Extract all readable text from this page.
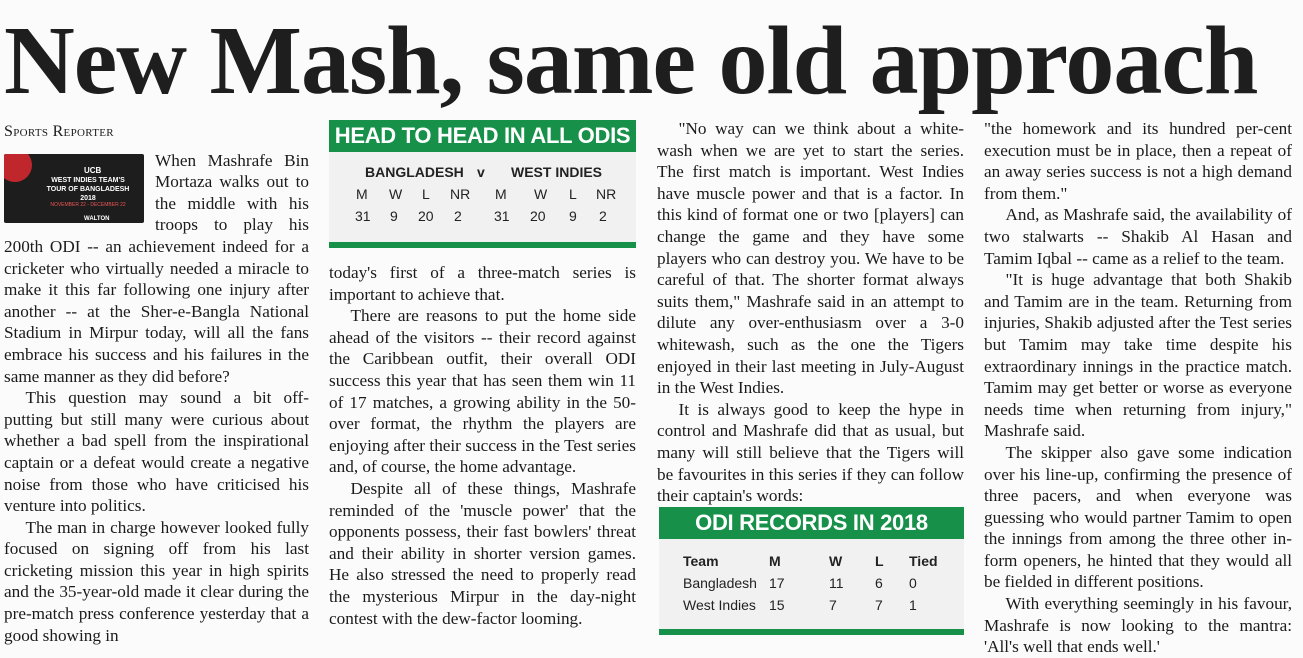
New Mash, same old approach
Sports Reporter
UCB
WEST INDIES TEAM'S
TOUR OF BANGLADESH 2018
NOVEMBER 22 - DECEMBER 22
WALTON

When Mashrafe Bin Mortaza walks out to the middle with his troops to play his 200th ODI -- an achievement indeed for a cricketer who virtually needed a miracle to make it this far following one injury after another -- at the Sher-e-Bangla National Stadium in Mirpur today, will all the fans embrace his success and his failures in the same manner as they did before?

This question may sound a bit off-putting but still many were curious about whether a bad spell from the inspirational captain or a defeat would create a negative noise from those who have criticised his venture into politics.

The man in charge however looked fully focused on signing off from his last cricketing mission this year in high spirits and the 35-year-old made it clear during the pre-match press conference yesterday that a good showing in

HEAD TO HEAD IN ALL ODIS
BANGLADESH v WEST INDIES
M W L NR M W L NR
31 9 20 2 31 20 9 2

today's first of a three-match series is important to achieve that.

There are reasons to put the home side ahead of the visitors -- their record against the Caribbean outfit, their overall ODI success this year that has seen them win 11 of 17 matches, a growing ability in the 50-over format, the rhythm the players are enjoying after their success in the Test series and, of course, the home advantage.

Despite all of these things, Mashrafe reminded of the 'muscle power' that the opponents possess, their fast bowlers' threat and their ability in shorter version games. He also stressed the need to properly read the mysterious Mirpur in the day-night contest with the dew-factor looming.

"No way can we think about a white-wash when we are yet to start the series. The first match is important. West Indies have muscle power and that is a factor. In this kind of format one or two [players] can change the game and they have some players who can destroy you. We have to be careful of that. The shorter format always suits them," Mashrafe said in an attempt to dilute any over-enthusiasm over a 3-0 whitewash, such as the one the Tigers enjoyed in their last meeting in July-August in the West Indies.

It is always good to keep the hype in control and Mashrafe did that as usual, but many will still believe that the Tigers will be favourites in this series if they can follow their captain's words:

ODI RECORDS IN 2018
Team	M	W L Tied
Bangladesh 17	11 6 0
West Indies 15	7	7 1

"the homework and its hundred per-cent execution must be in place, then a repeat of an away series success is not a high demand from them."

And, as Mashrafe said, the availability of two stalwarts -- Shakib Al Hasan and Tamim Iqbal -- came as a relief to the team.

"It is huge advantage that both Shakib and Tamim are in the team. Returning from injuries, Shakib adjusted after the Test series but Tamim may take time despite his extraordinary innings in the practice match. Tamim may get better or worse as everyone needs time when returning from injury," Mashrafe said.

The skipper also gave some indication over his line-up, confirming the presence of three pacers, and when everyone was guessing who would partner Tamim to open the innings from among the three other in-form openers, he hinted that they would all be fielded in different positions.

With everything seemingly in his favour, Mashrafe is now looking to the mantra: 'All's well that ends well.'
